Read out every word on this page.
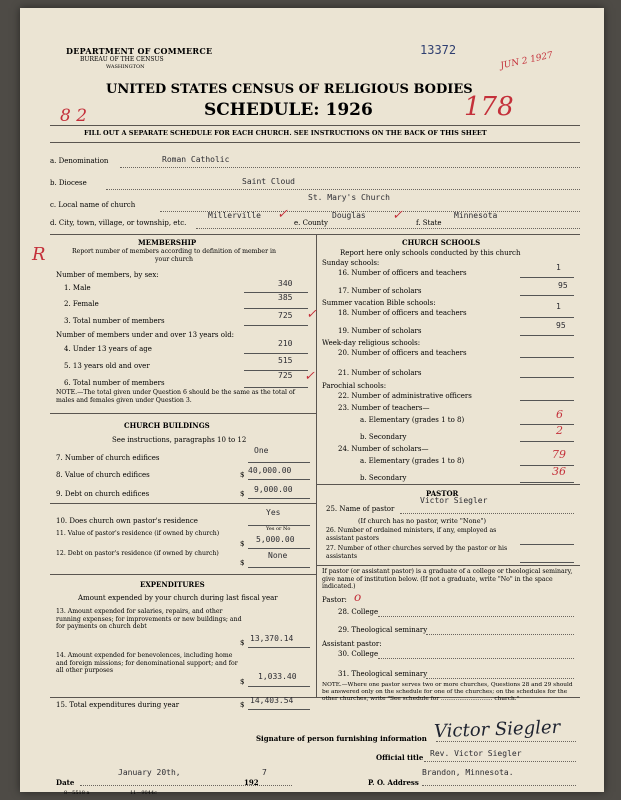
DEPARTMENT OF COMMERCE
BUREAU OF THE CENSUS
WASHINGTON
13372
JUN 2 1927
UNITED STATES CENSUS OF RELIGIOUS BODIES
SCHEDULE: 1926
8 2	178
FILL OUT A SEPARATE SCHEDULE FOR EACH CHURCH. SEE INSTRUCTIONS ON THE BACK OF THIS SHEET
a. Denomination	Roman Catholic
b. Diocese	Saint Cloud
c. Local name of church
St. Mary's Church
d. City, town, village, or township, etc.
Millerville ✓
e. County
Douglas ✓ f. State
Minnesota
MEMBERSHIP
Report number of members according to definition of member in your church
R
Number of members, by sex:
1. Male	340
2. Female
385
3. Total number of members
725 ✓
Number of members under and over 13 years old:
4. Under 13 years of age
210
5. 13 years old and over
515
6. Total number of members
725 ✓
NOTE.—The total given under Question 6 should be the same as the total of males and females given under Question 3.
CHURCH BUILDINGS
See instructions, paragraphs 10 to 12
7. Number of church edifices
One
8. Value of church edifices	$ 40,000.00
9. Debt on church edifices	$ 9,000.00
10. Does church own pastor's residence
Yes
Yes or No
11. Value of pastor's residence (if owned by church)
$ 5,000.00
12. Debt on pastor's residence (if owned by church)
$
None
EXPENDITURES
Amount expended by your church during last fiscal year
13. Amount expended for salaries, repairs, and other running expenses; for improvements or new buildings; and for payments on church debt
$ 13,370.14
14. Amount expended for benevolences, including home and foreign missions; for denominational support; and for all other purposes
$
1,033.40
15. Total expenditures during year	$ 14,403.54
CHURCH SCHOOLS
Report here only schools conducted by this church
Sunday schools:
16. Number of officers and teachers
1
17. Number of scholars
95
Summer vacation Bible schools:
18. Number of officers and teachers
1
19. Number of scholars
95
Week-day religious schools:
20. Number of officers and teachers
21. Number of scholars
Parochial schools:
22. Number of administrative officers
23. Number of teachers—
a. Elementary (grades 1 to 8)	6
b. Secondary	2
24. Number of scholars—
a. Elementary (grades 1 to 8)	79
b. Secondary	36
PASTOR
25. Name of pastor
Victor Siegler
(If church has no pastor, write "None")
26. Number of ordained ministers, if any, employed as assistant pastors
27. Number of other churches served by the pastor or his assistants
If pastor (or assistant pastor) is a graduate of a college or theological seminary, give name of institution below. (If not a graduate, write "No" in the space indicated.)
Pastor: o
28. College
29. Theological seminary
Assistant pastor:
30. College
31. Theological seminary
NOTE.—Where one pastor serves two or more churches, Questions 28 and 29 should be answered only on the schedule for one of the churches; on the schedules for the other churches, write "See schedule for ............................ church."
Signature of person furnishing information Victor Siegler
Official title Rev. Victor Siegler
Date
January 20th,
192
7
P. O. Address
Brandon, Minnesota.
8—5518 a	11—9044c
